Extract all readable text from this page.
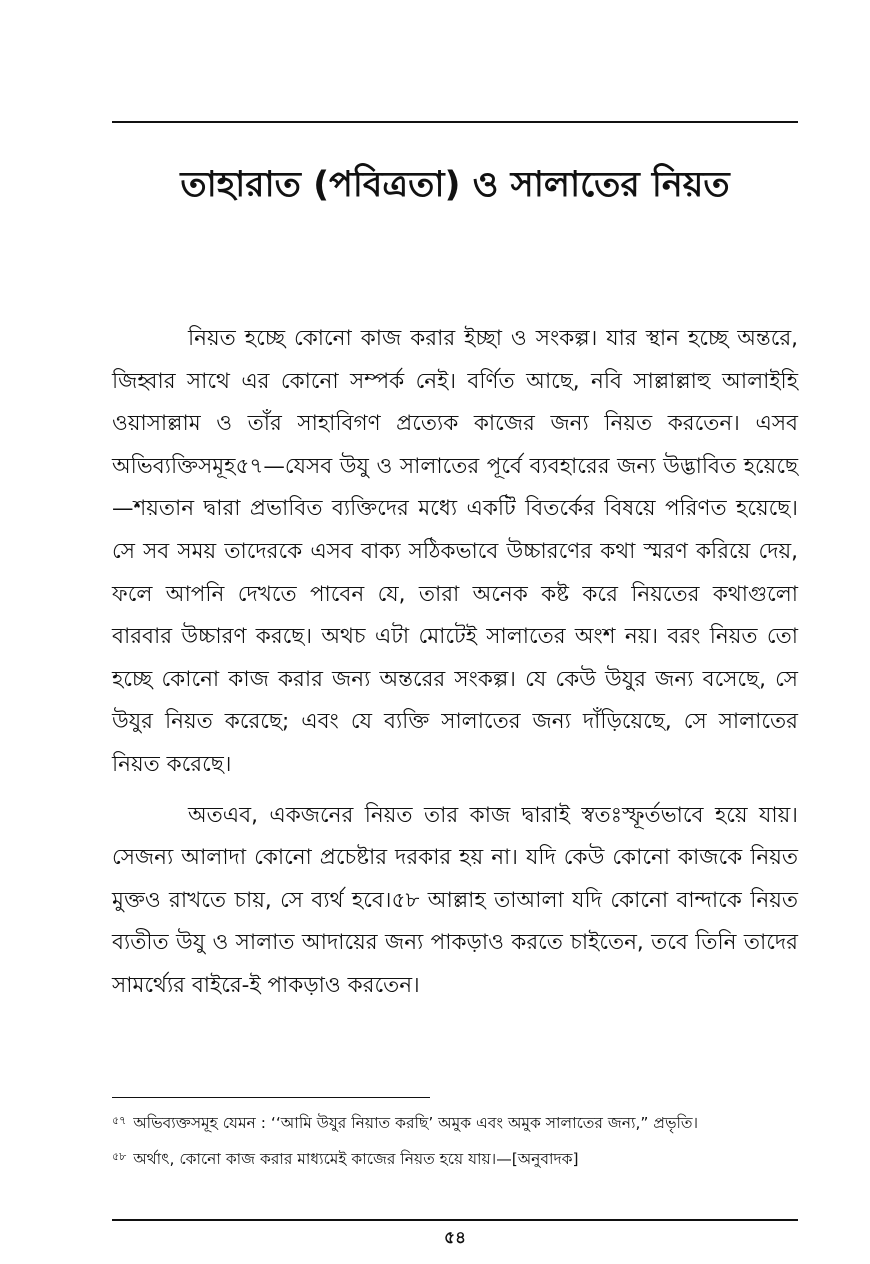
তাহারাত (পবিত্রতা) ও সালাতের নিয়ত

নিয়ত হচ্ছে কোনো কাজ করার ইচ্ছা ও সংকল্প। যার স্থান হচ্ছে অন্তরে, জিহ্বার সাথে এর কোনো সম্পর্ক নেই। বর্ণিত আছে, নবি সাল্লাল্লাহু আলাইহি ওয়াসাল্লাম ও তাঁর সাহাবিগণ প্রত্যেক কাজের জন্য নিয়ত করতেন। এসব অভিব্যক্তিসমূহ৫৭—যেসব উযু ও সালাতের পূর্বে ব্যবহারের জন্য উদ্ভাবিত হয়েছে—শয়তান দ্বারা প্রভাবিত ব্যক্তিদের মধ্যে একটি বিতর্কের বিষয়ে পরিণত হয়েছে। সে সব সময় তাদেরকে এসব বাক্য সঠিকভাবে উচ্চারণের কথা স্মরণ করিয়ে দেয়, ফলে আপনি দেখতে পাবেন যে, তারা অনেক কষ্ট করে নিয়তের কথাগুলো বারবার উচ্চারণ করছে। অথচ এটা মোটেই সালাতের অংশ নয়। বরং নিয়ত তো হচ্ছে কোনো কাজ করার জন্য অন্তরের সংকল্প। যে কেউ উযুর জন্য বসেছে, সে উযুর নিয়ত করেছে; এবং যে ব্যক্তি সালাতের জন্য দাঁড়িয়েছে, সে সালাতের নিয়ত করেছে।

অতএব, একজনের নিয়ত তার কাজ দ্বারাই স্বতঃস্ফূর্তভাবে হয়ে যায়। সেজন্য আলাদা কোনো প্রচেষ্টার দরকার হয় না। যদি কেউ কোনো কাজকে নিয়ত মুক্তও রাখতে চায়, সে ব্যর্থ হবে।৫৮ আল্লাহ তাআলা যদি কোনো বান্দাকে নিয়ত ব্যতীত উযু ও সালাত আদায়ের জন্য পাকড়াও করতে চাইতেন, তবে তিনি তাদের সামর্থ্যের বাইরে-ই পাকড়াও করতেন।

$^{৫৭}$ অভিব্যক্তসমূহ যেমন : ‘‘আমি উযুর নিয়াত করছি’ অমুক এবং অমুক সালাতের জন্য,” প্রভৃতি।

$^{৫৮}$ অর্থাৎ, কোনো কাজ করার মাধ্যমেই কাজের নিয়ত হয়ে যায়।—[অনুবাদক]

৫৪
